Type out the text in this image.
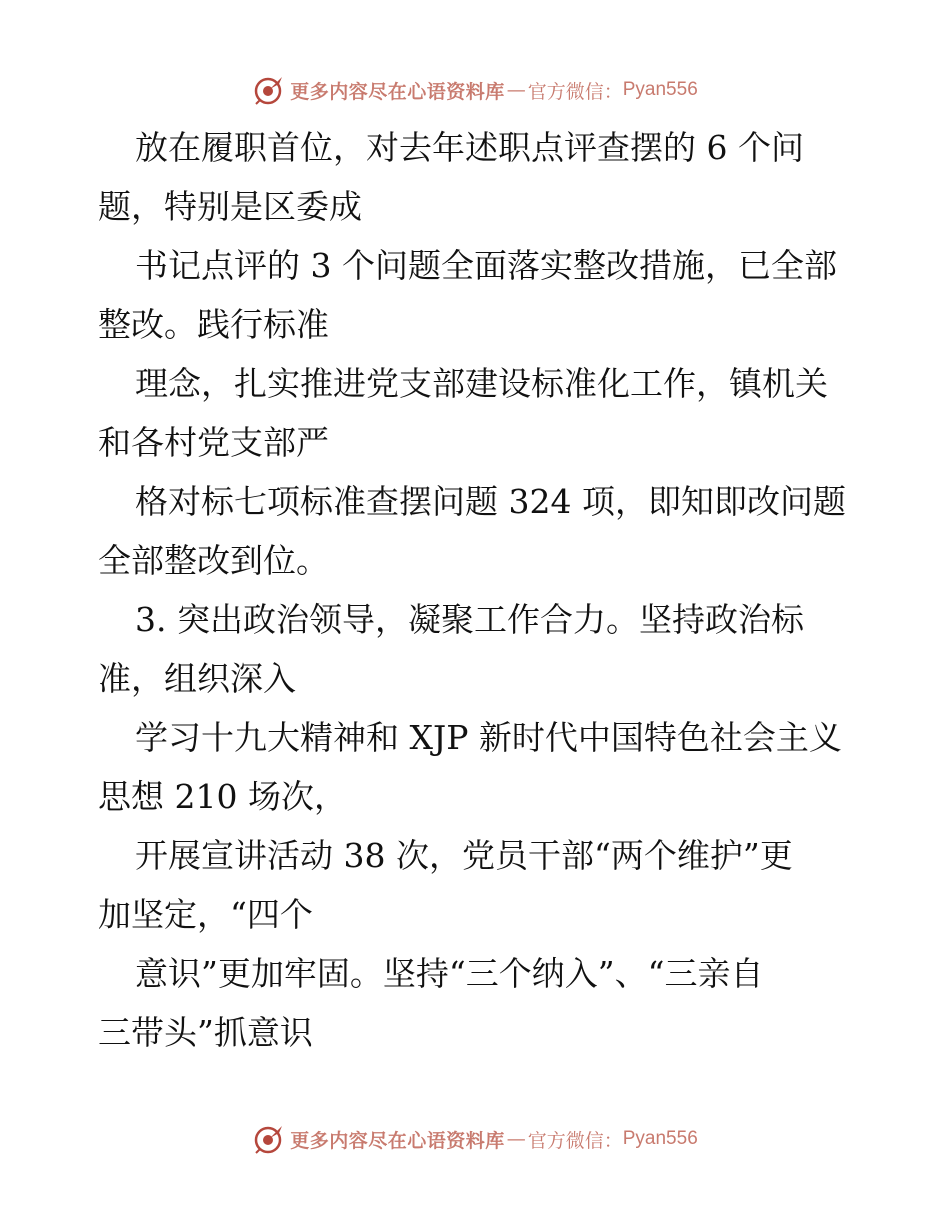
更多内容尽在心语资料库 — 官方微信： Pyan556
放在履职首位，对去年述职点评查摆的 6 个问
题，特别是区委成
书记点评的 3 个问题全面落实整改措施，已全部
整改。践行标准
理念，扎实推进党支部建设标准化工作，镇机关
和各村党支部严
格对标七项标准查摆问题 324 项，即知即改问题
全部整改到位。
3. 突出政治领导，凝聚工作合力。坚持政治标
准，组织深入
学习十九大精神和 XJP 新时代中国特色社会主义
思想 210 场次，
开展宣讲活动 38 次，党员干部“两个维护”更
加坚定，“四个
意识”更加牢固。坚持“三个纳入”、“三亲自
三带头”抓意识
更多内容尽在心语资料库 — 官方微信： Pyan556
